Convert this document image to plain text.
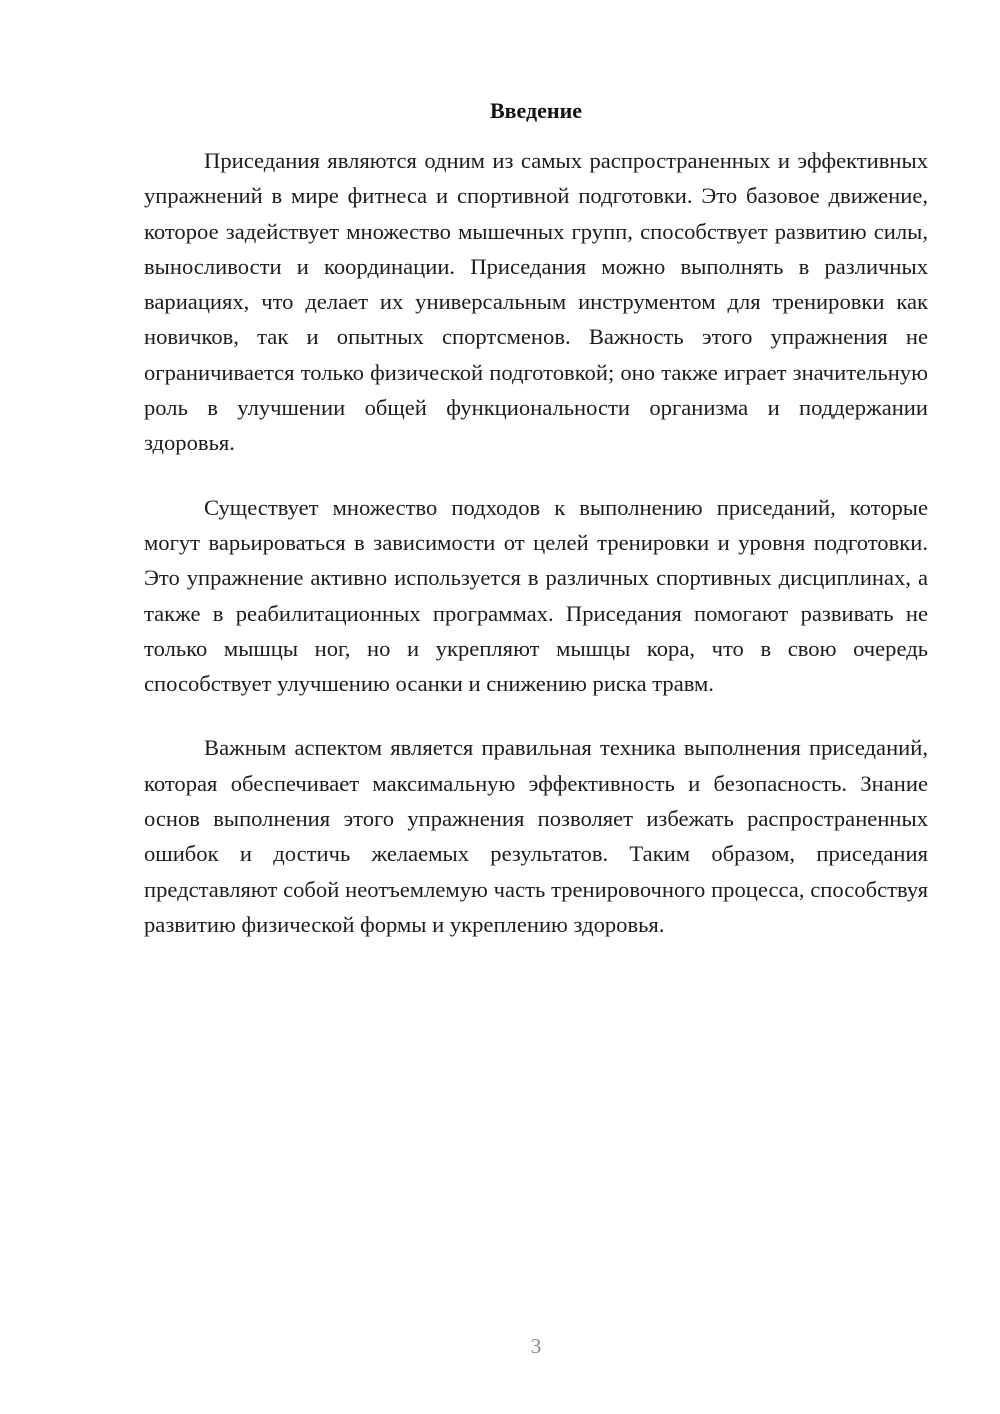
Введение

Приседания являются одним из самых распространенных и эффективных упражнений в мире фитнеса и спортивной подготовки. Это базовое движение, которое задействует множество мышечных групп, способствует развитию силы, выносливости и координации. Приседания можно выполнять в различных вариациях, что делает их универсальным инструментом для тренировки как новичков, так и опытных спортсменов. Важность этого упражнения не ограничивается только физической подготовкой; оно также играет значительную роль в улучшении общей функциональности организма и поддержании здоровья.

Существует множество подходов к выполнению приседаний, которые могут варьироваться в зависимости от целей тренировки и уровня подготовки. Это упражнение активно используется в различных спортивных дисциплинах, а также в реабилитационных программах. Приседания помогают развивать не только мышцы ног, но и укрепляют мышцы кора, что в свою очередь способствует улучшению осанки и снижению риска травм.

Важным аспектом является правильная техника выполнения приседаний, которая обеспечивает максимальную эффективность и безопасность. Знание основ выполнения этого упражнения позволяет избежать распространенных ошибок и достичь желаемых результатов. Таким образом, приседания представляют собой неотъемлемую часть тренировочного процесса, способствуя развитию физической формы и укреплению здоровья.

3
